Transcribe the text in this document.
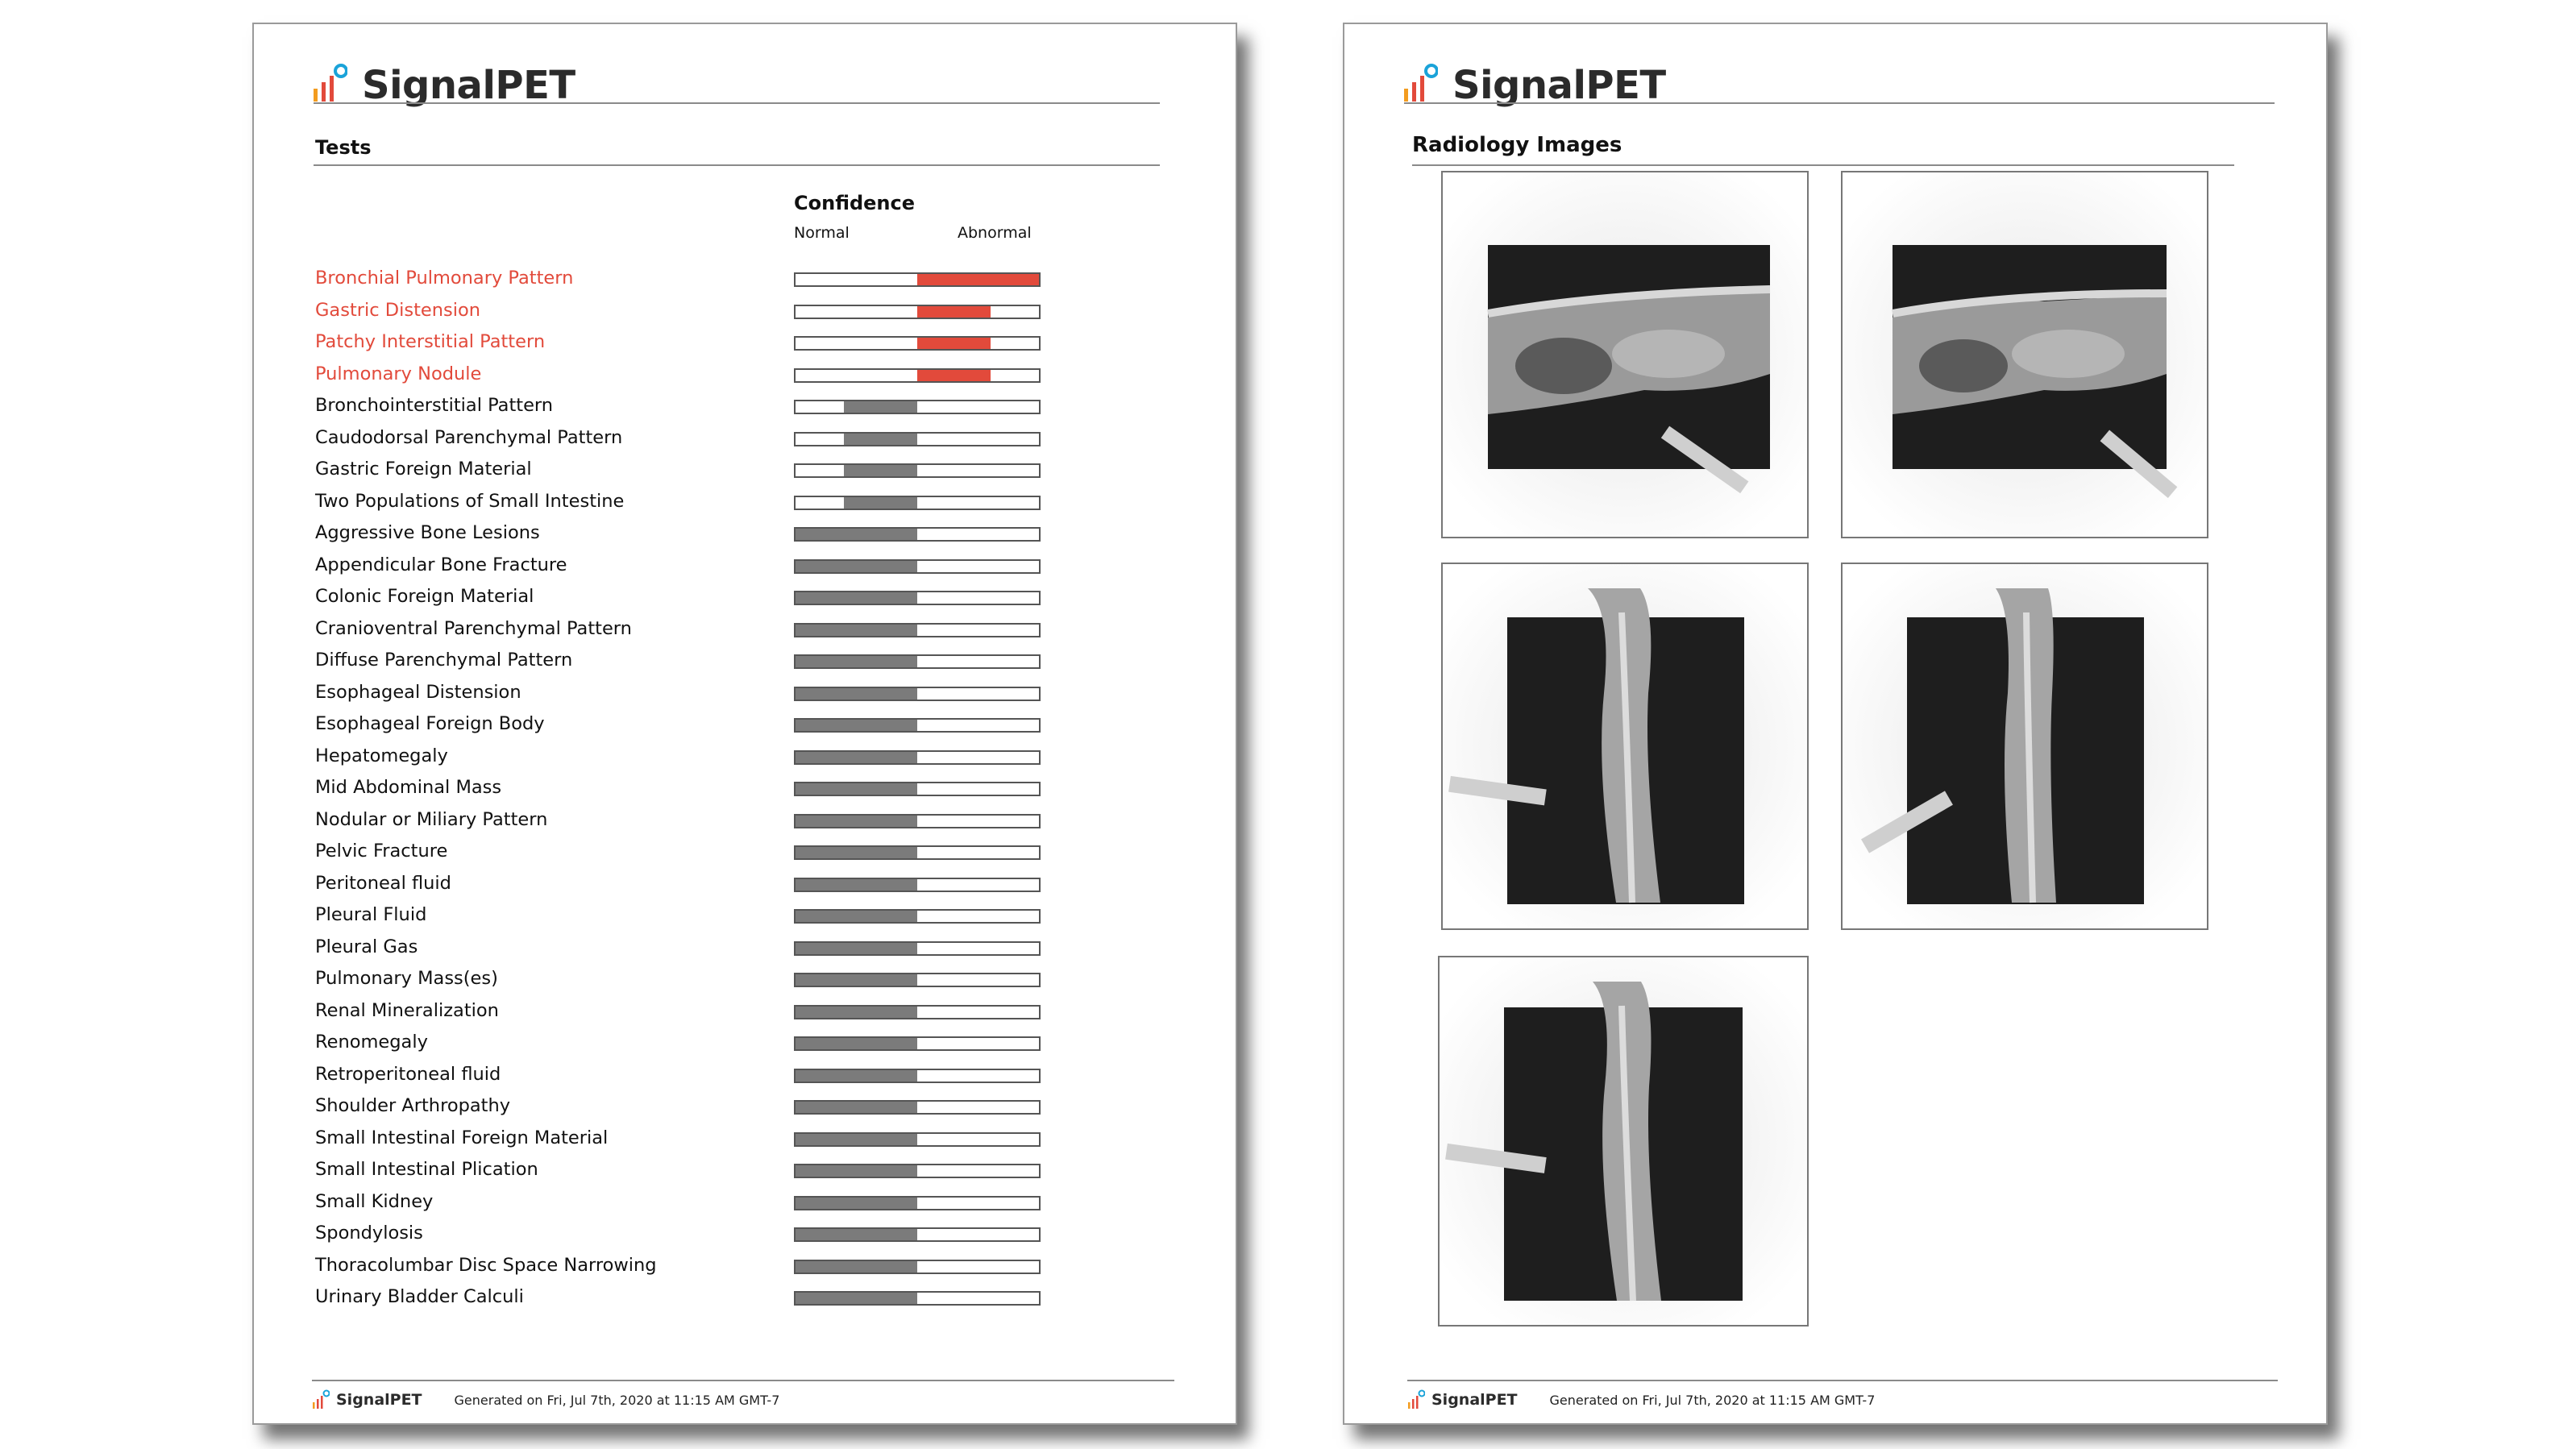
SignalPET
Tests
Confidence
Normal	Abnormal
SignalPET	Generated on Fri, Jul 7th, 2020 at 11:15 AM GMT-7
Bronchial Pulmonary Pattern
Gastric Distension
Patchy Interstitial Pattern
Pulmonary Nodule
Bronchointerstitial Pattern
Caudodorsal Parenchymal Pattern
Gastric Foreign Material
Two Populations of Small Intestine
Aggressive Bone Lesions
Appendicular Bone Fracture
Colonic Foreign Material
Cranioventral Parenchymal Pattern
Diffuse Parenchymal Pattern
Esophageal Distension
Esophageal Foreign Body
Hepatomegaly
Mid Abdominal Mass
Nodular or Miliary Pattern
Pelvic Fracture
Peritoneal fluid
Pleural Fluid
Pleural Gas
Pulmonary Mass(es)
Renal Mineralization
Renomegaly
Retroperitoneal fluid
Shoulder Arthropathy
Small Intestinal Foreign Material
Small Intestinal Plication
Small Kidney
Spondylosis
Thoracolumbar Disc Space Narrowing
Urinary Bladder Calculi
SignalPET
Radiology Images
SignalPET	Generated on Fri, Jul 7th, 2020 at 11:15 AM GMT-7
